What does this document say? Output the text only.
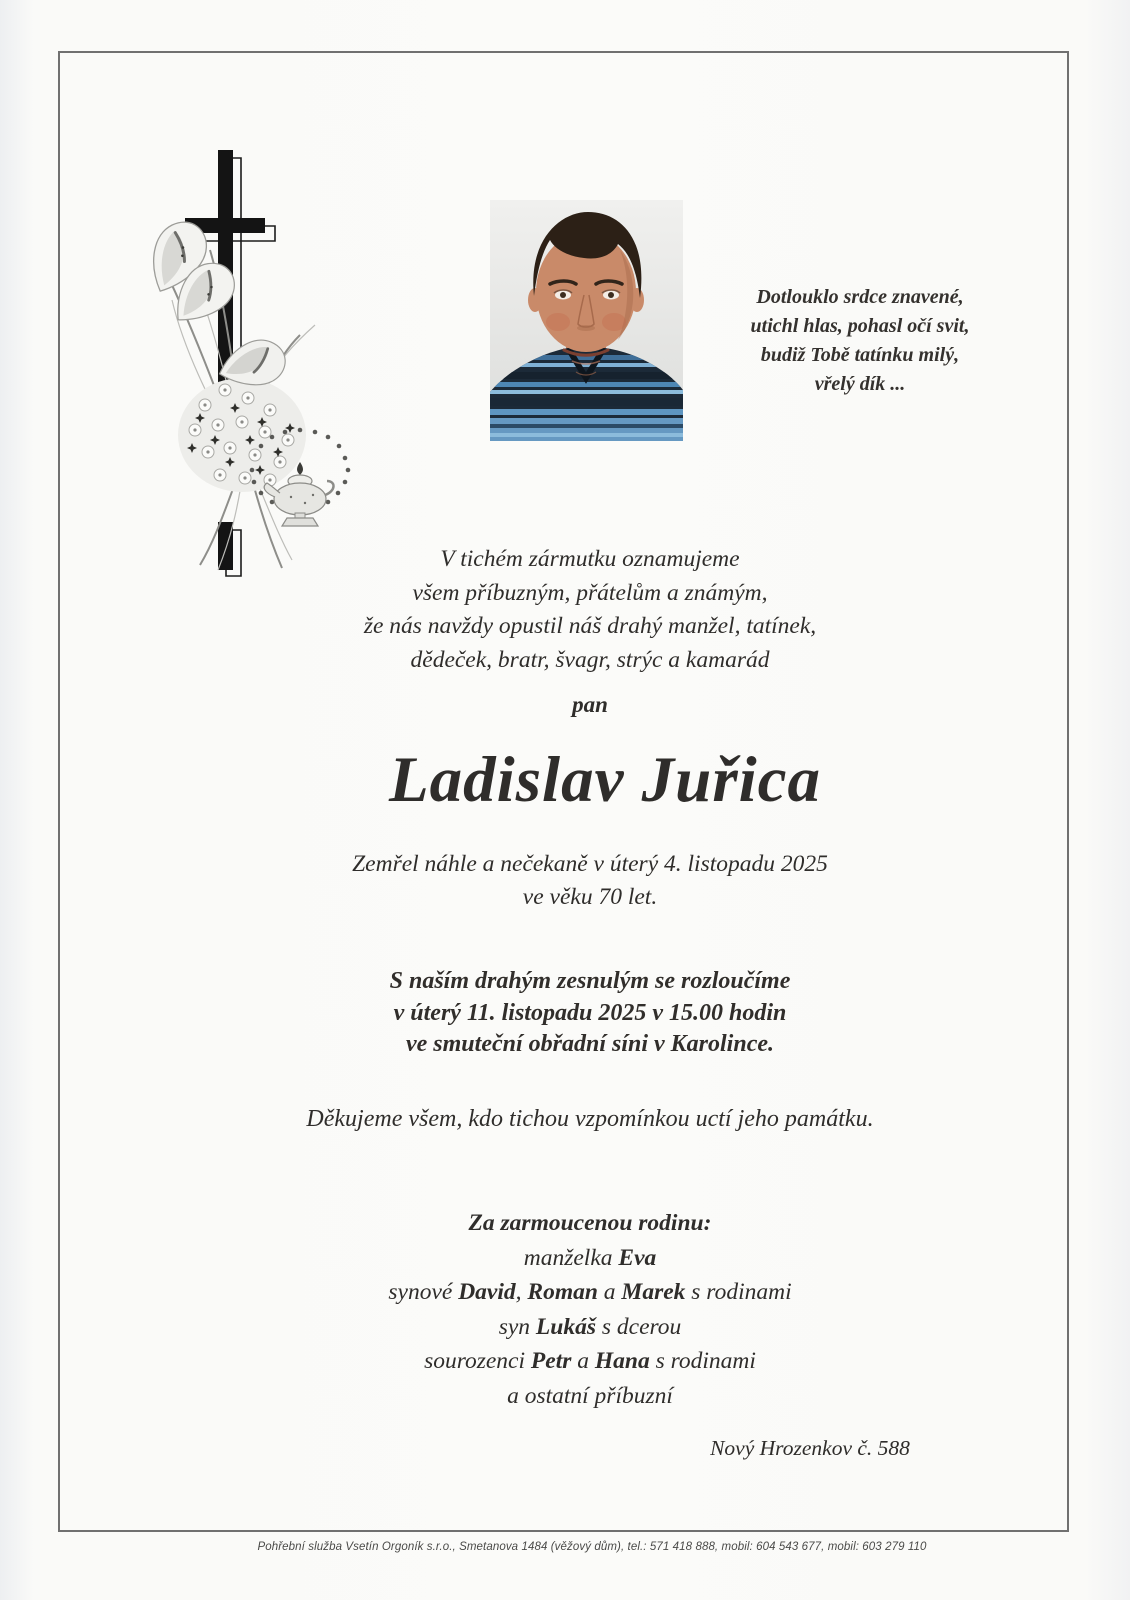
Dotlouklo srdce znavené,
utichl hlas, pohasl očí svit,
budiž Tobě tatínku milý,
vřelý dík ...
V tichém zármutku oznamujeme
všem příbuzným, přátelům a známým,
že nás navždy opustil náš drahý manžel, tatínek,
dědeček, bratr, švagr, strýc a kamarád
pan
Ladislav Juřica
Zemřel náhle a nečekaně v úterý 4. listopadu 2025
ve věku 70 let.
S naším drahým zesnulým se rozloučíme
v úterý 11. listopadu 2025 v 15.00 hodin
ve smuteční obřadní síni v Karolince.
Děkujeme všem, kdo tichou vzpomínkou uctí jeho památku.
Za zarmoucenou rodinu:
manželka Eva
synové David, Roman a Marek s rodinami
syn Lukáš s dcerou
sourozenci Petr a Hana s rodinami
a ostatní příbuzní
Nový Hrozenkov č. 588
Pohřební služba Vsetín Orgoník s.r.o., Smetanova 1484 (věžový dům), tel.: 571 418 888, mobil: 604 543 677, mobil: 603 279 110
